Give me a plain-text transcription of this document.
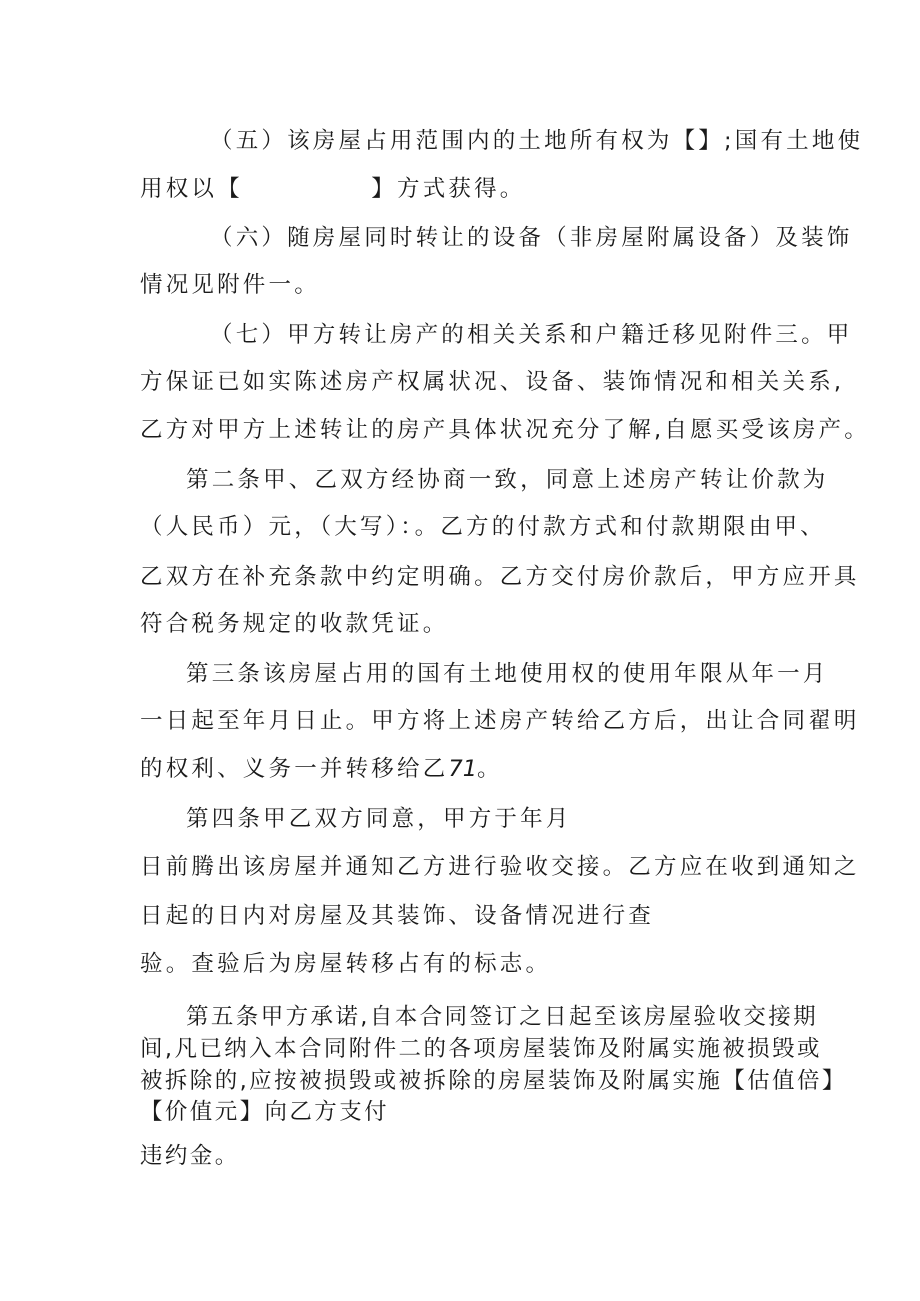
（五）该房屋占用范围内的土地所有权为【】;国有土地使
用权以【　　　　　】方式获得。
（六）随房屋同时转让的设备（非房屋附属设备）及装饰
情况见附件一。
（七）甲方转让房产的相关关系和户籍迁移见附件三。甲
方保证已如实陈述房产权属状况、设备、装饰情况和相关关系,
乙方对甲方上述转让的房产具体状况充分了解,自愿买受该房产。
第二条甲、乙双方经协商一致，同意上述房产转让价款为
（人民币）元，（大写）：。乙方的付款方式和付款期限由甲、
乙双方在补充条款中约定明确。乙方交付房价款后，甲方应开具
符合税务规定的收款凭证。
第三条该房屋占用的国有土地使用权的使用年限从年一月
一日起至年月日止。甲方将上述房产转给乙方后，出让合同翟明
的权利、义务一并转移给乙71。
第四条甲乙双方同意，甲方于年月
日前腾出该房屋并通知乙方进行验收交接。乙方应在收到通知之
日起的日内对房屋及其装饰、设备情况进行查
验。查验后为房屋转移占有的标志。
第五条甲方承诺,自本合同签订之日起至该房屋验收交接期
间,凡已纳入本合同附件二的各项房屋装饰及附属实施被损毁或
被拆除的,应按被损毁或被拆除的房屋装饰及附属实施【估值倍】
【价值元】向乙方支付
违约金。
